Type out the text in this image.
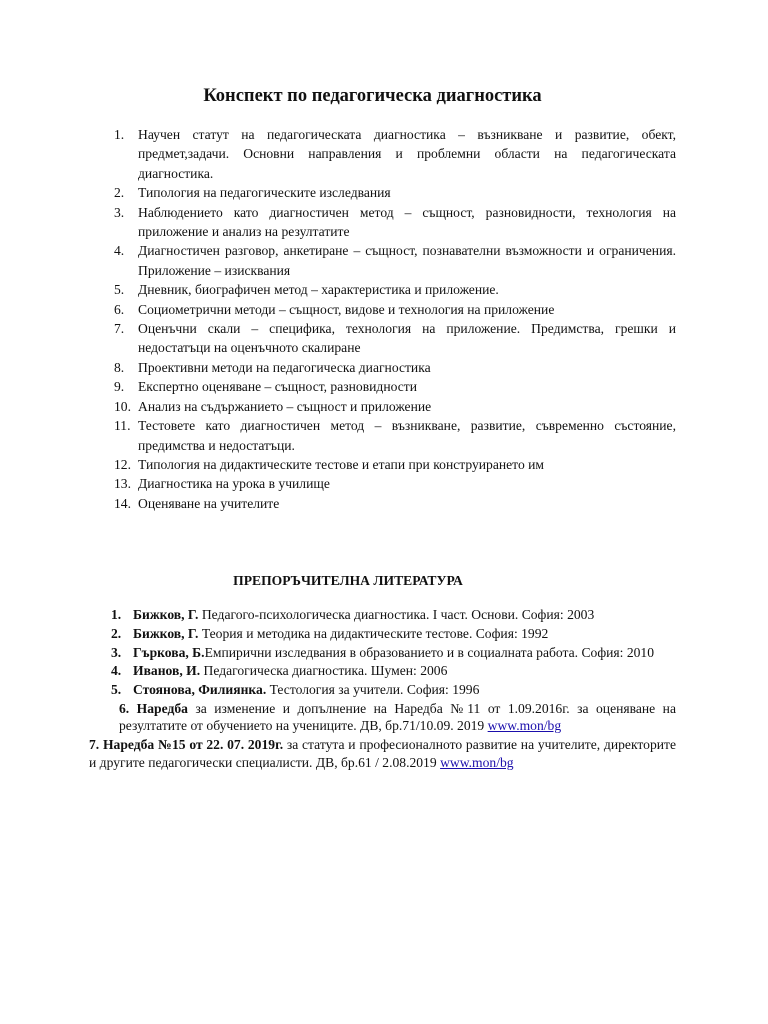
Конспект по педагогическа диагностика
1. Научен статут на педагогическата диагностика – възникване и развитие, обект, предмет,задачи. Основни направления и проблемни области на педагогическата диагностика.
2. Типология на педагогическите изследвания
3. Наблюдението като диагностичен метод – същност, разновидности, технология на приложение и анализ на резултатите
4. Диагностичен разговор, анкетиране – същност, познавателни възможности и ограничения. Приложение – изисквания
5. Дневник, биографичен метод – характеристика и приложение.
6. Социометрични методи – същност, видове и технология на приложение
7. Оценъчни скали – специфика, технология на приложение. Предимства, грешки и недостатъци на оценъчното скалиране
8. Проективни методи на педагогическа диагностика
9. Експертно оценяване – същност, разновидности
10. Анализ на съдържанието – същност и приложение
11. Тестовете като диагностичен метод – възникване, развитие, съвременно състояние, предимства и недостатъци.
12. Типология на дидактическите тестове и етапи при конструирането им
13. Диагностика на урока в училище
14. Оценяване на учителите
ПРЕПОРЪЧИТЕЛНА ЛИТЕРАТУРА
1. Бижков, Г. Педагого-психологическа диагностика. I част. Основи. София: 2003
2. Бижков, Г. Теория и методика на дидактическите тестове. София: 1992
3. Гъркова, Б.Емпирични изследвания в образованието и в социалната работа. София: 2010
4. Иванов, И. Педагогическа диагностика. Шумен: 2006
5. Стоянова, Филиянка. Тестология за учители. София: 1996
6. Наредба за изменение и допълнение на Наредба №11 от 1.09.2016г. за оценяване на резултатите от обучението на учениците. ДВ, бр.71/10.09. 2019 www.mon/bg
7. Наредба №15 от 22. 07. 2019г. за статута и професионалното развитие на учителите, директорите и другите педагогически специалисти. ДВ, бр.61 / 2.08.2019 www.mon/bg
